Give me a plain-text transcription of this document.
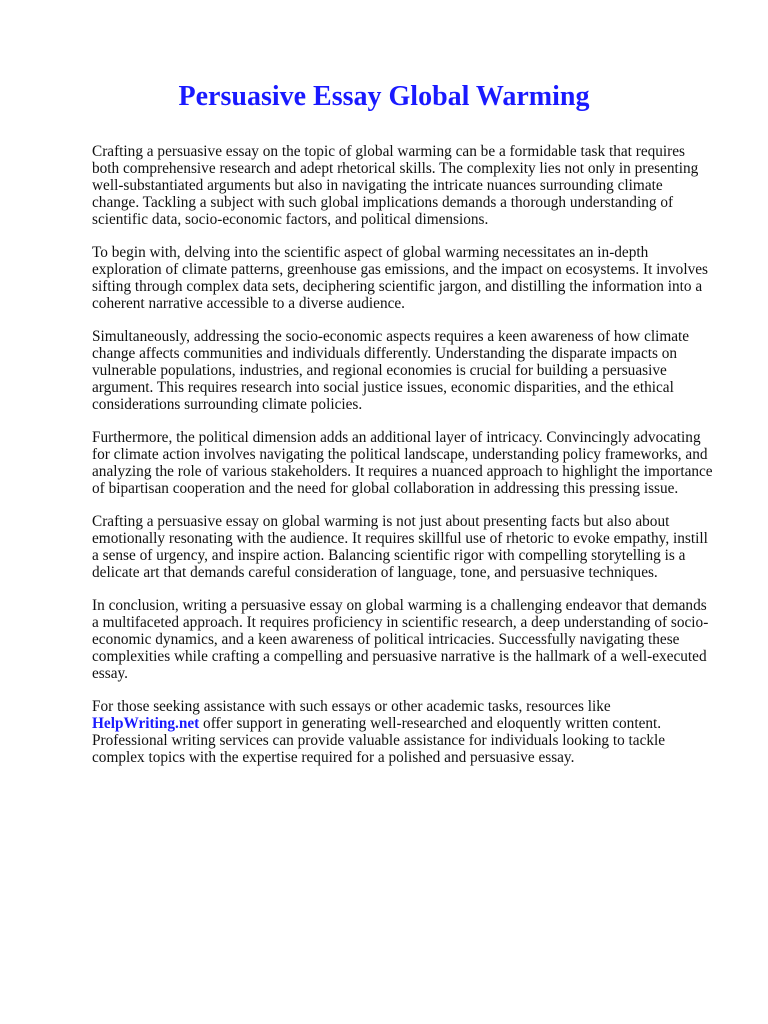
Persuasive Essay Global Warming

Crafting a persuasive essay on the topic of global warming can be a formidable task that requires
both comprehensive research and adept rhetorical skills. The complexity lies not only in presenting
well-substantiated arguments but also in navigating the intricate nuances surrounding climate
change. Tackling a subject with such global implications demands a thorough understanding of
scientific data, socio-economic factors, and political dimensions.

To begin with, delving into the scientific aspect of global warming necessitates an in-depth
exploration of climate patterns, greenhouse gas emissions, and the impact on ecosystems. It involves
sifting through complex data sets, deciphering scientific jargon, and distilling the information into a
coherent narrative accessible to a diverse audience.

Simultaneously, addressing the socio-economic aspects requires a keen awareness of how climate
change affects communities and individuals differently. Understanding the disparate impacts on
vulnerable populations, industries, and regional economies is crucial for building a persuasive
argument. This requires research into social justice issues, economic disparities, and the ethical
considerations surrounding climate policies.

Furthermore, the political dimension adds an additional layer of intricacy. Convincingly advocating
for climate action involves navigating the political landscape, understanding policy frameworks, and
analyzing the role of various stakeholders. It requires a nuanced approach to highlight the importance
of bipartisan cooperation and the need for global collaboration in addressing this pressing issue.

Crafting a persuasive essay on global warming is not just about presenting facts but also about
emotionally resonating with the audience. It requires skillful use of rhetoric to evoke empathy, instill
a sense of urgency, and inspire action. Balancing scientific rigor with compelling storytelling is a
delicate art that demands careful consideration of language, tone, and persuasive techniques.

In conclusion, writing a persuasive essay on global warming is a challenging endeavor that demands
a multifaceted approach. It requires proficiency in scientific research, a deep understanding of socio-
economic dynamics, and a keen awareness of political intricacies. Successfully navigating these
complexities while crafting a compelling and persuasive narrative is the hallmark of a well-executed
essay.

For those seeking assistance with such essays or other academic tasks, resources like
HelpWriting.net offer support in generating well-researched and eloquently written content.
Professional writing services can provide valuable assistance for individuals looking to tackle
complex topics with the expertise required for a polished and persuasive essay.
